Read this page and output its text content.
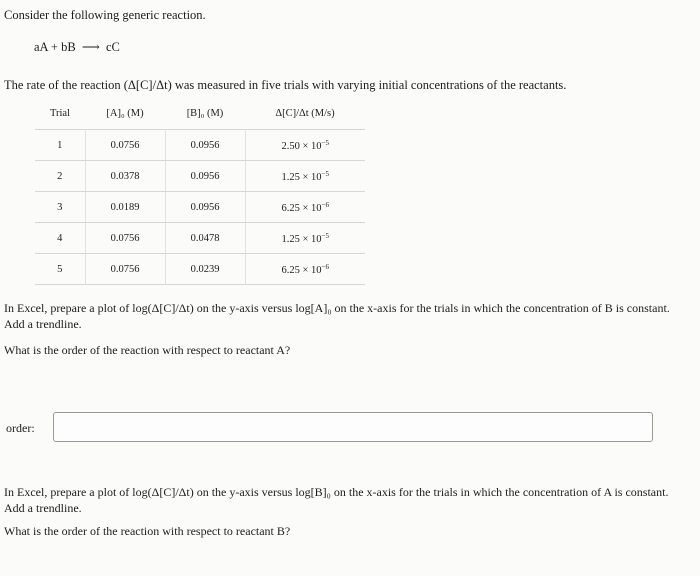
Consider the following generic reaction.
aA + bB ⟶ cC
The rate of the reaction (Δ[C]/Δt) was measured in five trials with varying initial concentrations of the reactants.
Trial	[A]₀ (M)	[B]₀ (M)	Δ[C]/Δt (M/s)
1	0.0756	0.0956	$2.50 \times 10^{-5}$
2	0.0378	0.0956	$1.25 \times 10^{-5}$
3	0.0189	0.0956	$6.25 \times 10^{-6}$
4	0.0756	0.0478	$1.25 \times 10^{-5}$
5	0.0756	0.0239	$6.25 \times 10^{-6}$
In Excel, prepare a plot of log(Δ[C]/Δt) on the y-axis versus log[A]₀ on the x-axis for the trials in which the concentration of B is constant. Add a trendline.
What is the order of the reaction with respect to reactant A?
order:
In Excel, prepare a plot of log(Δ[C]/Δt) on the y-axis versus log[B]₀ on the x-axis for the trials in which the concentration of A is constant. Add a trendline.
What is the order of the reaction with respect to reactant B?
